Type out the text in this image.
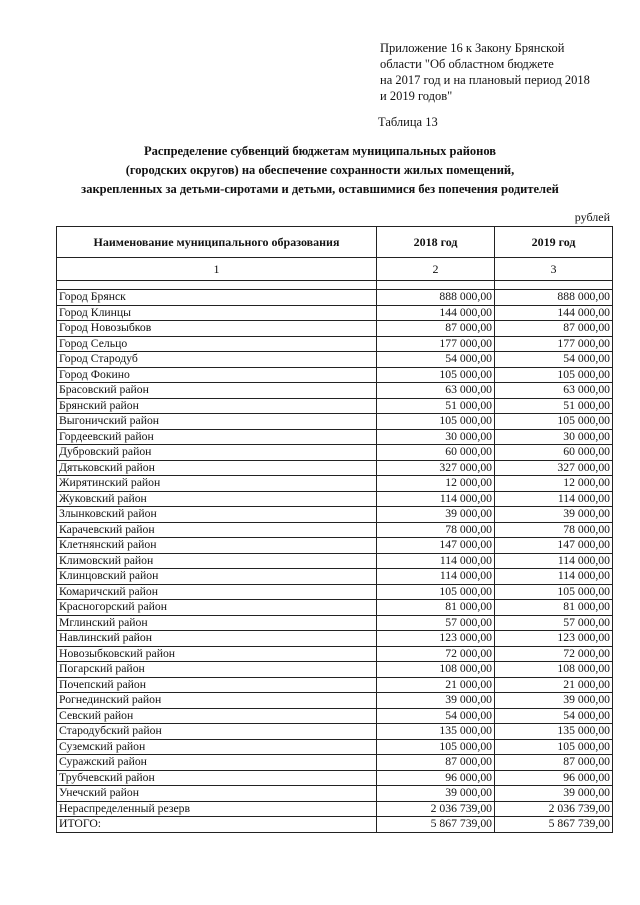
Приложение 16 к Закону Брянской
области "Об областном бюджете
на 2017 год и на плановый период 2018
и 2019 годов"
Таблица 13
Распределение субвенций бюджетам муниципальных районов
(городских округов) на обеспечение сохранности жилых помещений,
закрепленных за детьми-сиротами и детьми, оставшимися без попечения родителей
рублей
Наименование муниципального образования	2018 год	2019 год
1	2	3

Город Брянск	888 000,00	888 000,00
Город Клинцы	144 000,00	144 000,00
Город Новозыбков	87 000,00	87 000,00
Город Сельцо	177 000,00	177 000,00
Город Стародуб	54 000,00	54 000,00
Город Фокино	105 000,00	105 000,00
Брасовский район	63 000,00	63 000,00
Брянский район	51 000,00	51 000,00
Выгоничский район	105 000,00	105 000,00
Гордеевский район	30 000,00	30 000,00
Дубровский район	60 000,00	60 000,00
Дятьковский район	327 000,00	327 000,00
Жирятинский район	12 000,00	12 000,00
Жуковский район	114 000,00	114 000,00
Злынковский район	39 000,00	39 000,00
Карачевский район	78 000,00	78 000,00
Клетнянский район	147 000,00	147 000,00
Климовский район	114 000,00	114 000,00
Клинцовский район	114 000,00	114 000,00
Комаричский район	105 000,00	105 000,00
Красногорский район	81 000,00	81 000,00
Мглинский район	57 000,00	57 000,00
Навлинский район	123 000,00	123 000,00
Новозыбковский район	72 000,00	72 000,00
Погарский район	108 000,00	108 000,00
Почепский район	21 000,00	21 000,00
Рогнединский район	39 000,00	39 000,00
Севский район	54 000,00	54 000,00
Стародубский район	135 000,00	135 000,00
Суземский район	105 000,00	105 000,00
Суражский район	87 000,00	87 000,00
Трубчевский район	96 000,00	96 000,00
Унечский район	39 000,00	39 000,00
Нераспределенный резерв	2 036 739,00	2 036 739,00
ИТОГО:	5 867 739,00	5 867 739,00
